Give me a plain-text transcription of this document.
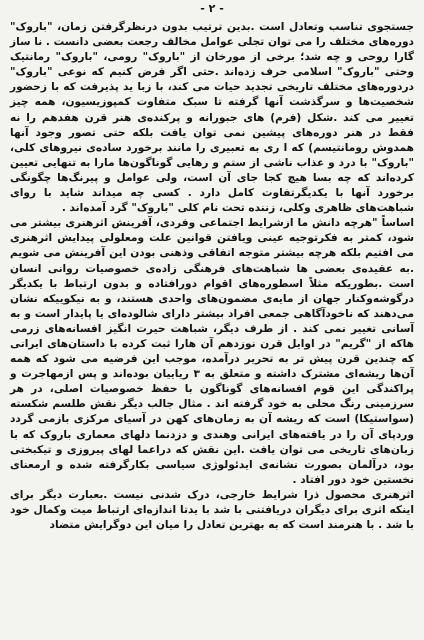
- ۲ -

جستجوی تناسب وتعادل است .بدین ترتیب بدون درنظرگرفتن زمان، "باروک" دوره‌های مختلف را می توان تجلی عوامل مخالف رجعت بعضی دانست . نا ساز گارا روحی و چه شد؛ برخی از مورخان از "باروک" رومی، "باروک" رمانتیک وحتی "باروک" اسلامی حرف زده‌اند .حتی اگر فرض کنیم که نوعی "باروک" دردوره‌های مختلف تاریخی تجدید حیات می کند، با زبا ید پذیرفت که با زحضور شخصیت‌ها و سرگذشت آنها گرفته تا سبک متفاوت کمپوزیسیون، همه چیز تغییر می کند .شکل (فرم) های جبورانه و پرکنده‌ی هنر قرن هفدهم را نه فقط در هنر دوره‌های پیشین نمی توان یافت بلکه حتی تصور وجود آنها همدوش رومانتیسم) که ا ری به تعبیری را مانند برخورد ساده‌ی نیروهای کلی، "باروک" با درد و عذاب ناشی از ستم و رهایی گوناگون‌ها مارا به تنهایی تعیین کرده‌اند که چه بسا هیچ کجا جای آن است، ولی عوامل و پیرنگ‌ها چگونگی برخورد آنها با یکدیگرتفاوت کامل دارد . کسی چه میداند شاید با روای شباهت‌های ظاهری وکلی، زننده تحت نام کلی "باروک" گرد آمده‌اند .

اساساً "هرچه دانش ما ازشرایط اجتماعی وفردی، آفرینش اثرهنری بیشتر می شود، کمتر به فکرتوجیه عینی ویافتن قوانین علت ومعلولی پیدایش اثرهنری می افتیم بلکه هرچه بیشتر متوجه اتفاقی وذهنی بودن این آفرینش می شویم .به عقیده‌ی بعضی ها شباهت‌های فرهنگی زاده‌ی خصوصیات روانی انسان است .بطوریکه مثلاً اسطوره‌های اقوام دورافتاده و بدون ارتباط با یکدیگر درگوشه‌وکنار جهان از مایه‌ی مضمون‌های واحدی هستند، و به نیکوییکه نشان می‌دهند که ناخودآگاهی جمعی افراد بیشتر دارای شالوده‌ای یا پایدار است و به آسانی تغییر نمی کند . از طرف دیگر، شباهت حیرت انگیز افسانه‌های زرمی هاکه از "گریم" در اوایل قرن نوزدهم آن هارا ثبت کرده با داستان‌های ایرانی که چندین قرن پیش تر به تحریر درآمده، موجب این فرضیه می شود که همه آن‌ها ریشه‌ای مشترک داشته و متعلق به ۳ ریاییان بوده‌اند و پس ازمهاجرت و پراکندگی این قوم افسانه‌های گوناگون با حفظ خصوصیات اصلی، در هر سرزمینی رنگ محلی به خود گرفته اند . مثال جالب دیگر نقش طلسم شکسته (سواستیکا) است که ریشه آن به زمان‌های کهن در آسیای مرکزی بازمی گردد وردپای آن را در یافته‌های ایرانی وهندی و دزدنما دلهای معماری باروک که با زبان‌های تاریخی می توان یافت .این نقش که دراعما لهای پیروزی و تیکبختی بود، درآلمان بصورت نشانه‌ی ایدئولوژی سیاسی بکارگرفته شده و ارمعنای نخستین خود دور افتاد .

اثرهنری محصول ذرا شرایط خارجی، درک شدنی نیست .بعبارت دیگر برای اینکه اثری برای دیگران دریافتنی با شد با یدتا اندازه‌ای ارتباط میت وکمال خود با شد . با هنرمند است که به بهترین تعادل را میان این دوگرایش متضاد
